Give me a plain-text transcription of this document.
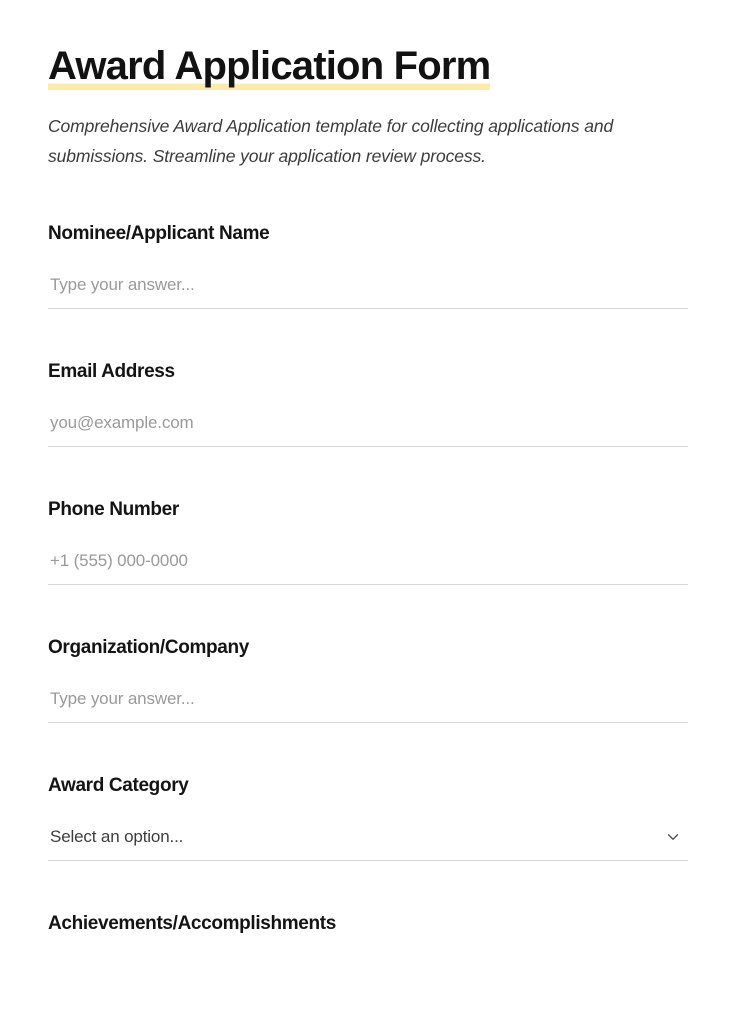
Award Application Form

Comprehensive Award Application template for collecting applications and submissions. Streamline your application review process.

Nominee/Applicant Name
Type your answer...
Email Address
you@example.com
Phone Number
+1 (555) 000-0000
Organization/Company
Type your answer...
Award Category
Select an option...
Achievements/Accomplishments
